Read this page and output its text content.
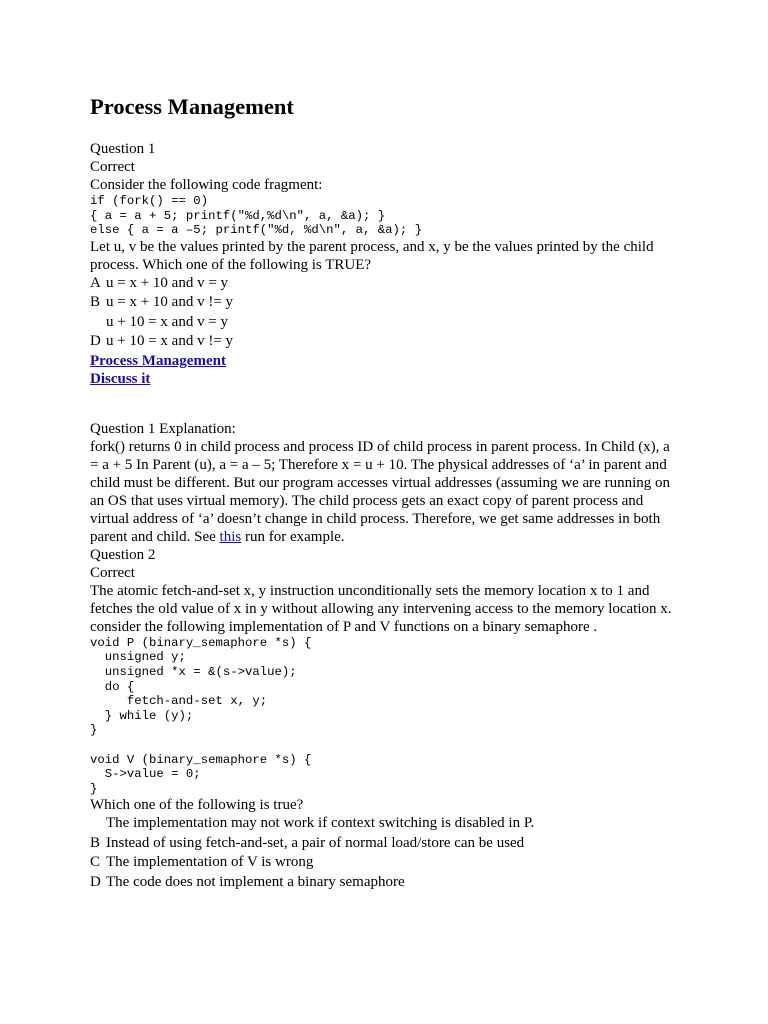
Process Management
Question 1
Correct
Consider the following code fragment:
if (fork() == 0)
{ a = a + 5; printf("%d,%d\n", a, &a); }
else { a = a –5; printf("%d, %d\n", a, &a); }
Let u, v be the values printed by the parent process, and x, y be the values printed by the child
process. Which one of the following is TRUE?
A u = x + 10 and v = y
B u = x + 10 and v != y
u + 10 = x and v = y
D u + 10 = x and v != y
Process Management
Discuss it
Question 1 Explanation:
fork() returns 0 in child process and process ID of child process in parent process. In Child (x), a
= a + 5 In Parent (u), a = a – 5; Therefore x = u + 10. The physical addresses of ‘a’ in parent and
child must be different. But our program accesses virtual addresses (assuming we are running on
an OS that uses virtual memory). The child process gets an exact copy of parent process and
virtual address of ‘a’ doesn’t change in child process. Therefore, we get same addresses in both
parent and child. See this run for example.
Question 2
Correct
The atomic fetch-and-set x, y instruction unconditionally sets the memory location x to 1 and
fetches the old value of x in y without allowing any intervening access to the memory location x.
consider the following implementation of P and V functions on a binary semaphore .
void P (binary_semaphore *s) {
unsigned y;
unsigned *x = &(s->value);
do {
fetch-and-set x, y;
} while (y);
}
void V (binary_semaphore *s) {
S->value = 0;
}
Which one of the following is true?
The implementation may not work if context switching is disabled in P.
B Instead of using fetch-and-set, a pair of normal load/store can be used
C The implementation of V is wrong
D The code does not implement a binary semaphore
